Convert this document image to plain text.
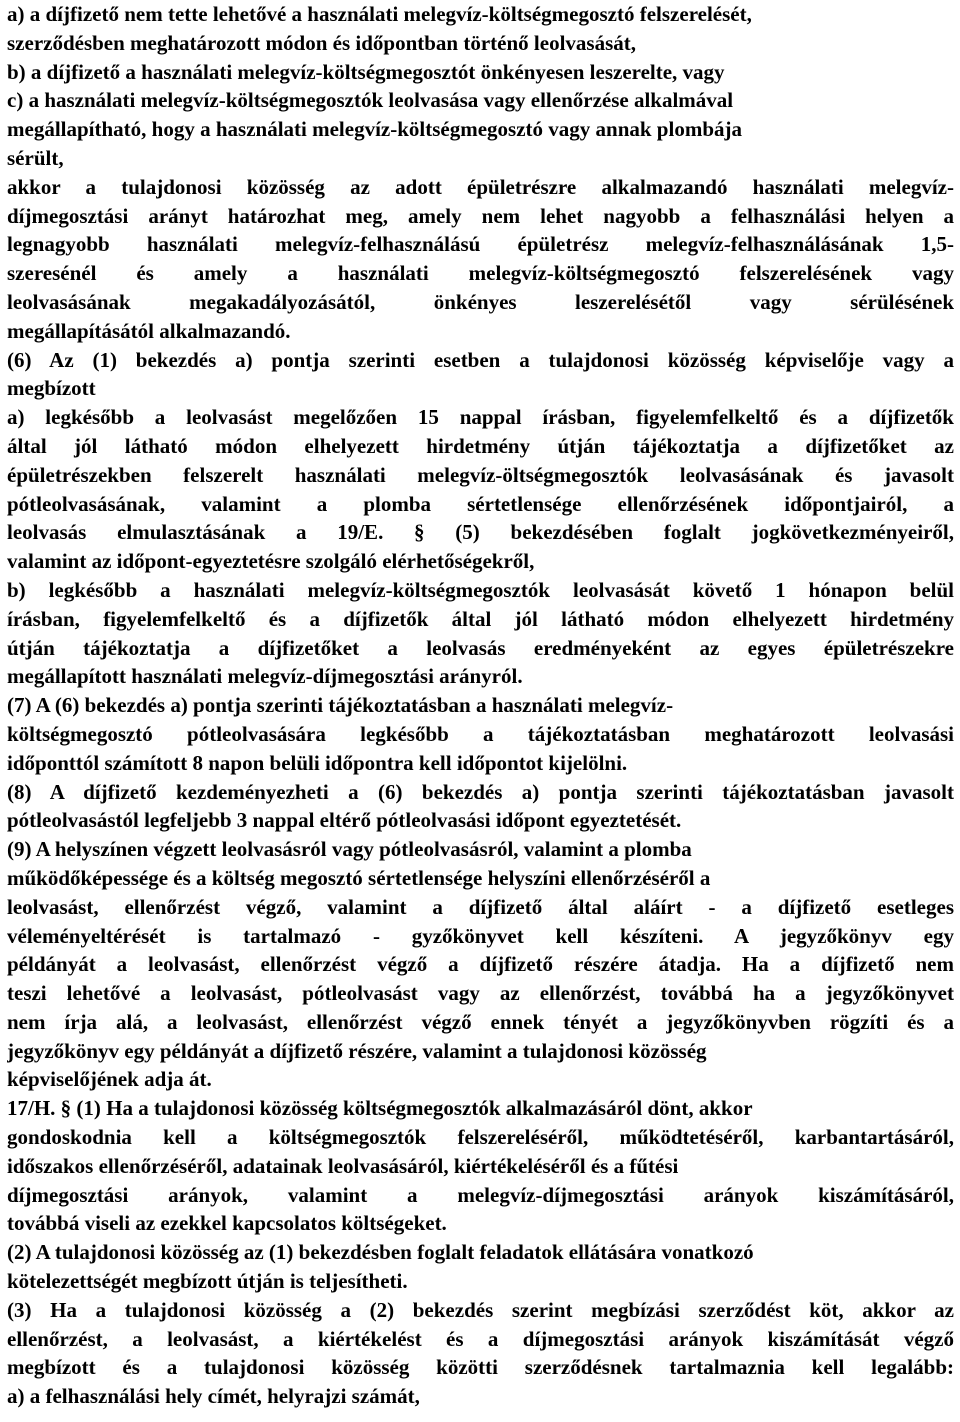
a) a díjfizető nem tette lehetővé a használati melegvíz-költségmegosztó felszerelését,
szerződésben meghatározott módon és időpontban történő leolvasását,
b) a díjfizető a használati melegvíz-költségmegosztót önkényesen leszerelte, vagy
c) a használati melegvíz-költségmegosztók leolvasása vagy ellenőrzése alkalmával
megállapítható, hogy a használati melegvíz-költségmegosztó vagy annak plombája
sérült,
akkor a tulajdonosi közösség az adott épületrészre alkalmazandó használati melegvíz-
díjmegosztási arányt határozhat meg, amely nem lehet nagyobb a felhasználási helyen a
legnagyobb használati melegvíz-felhasználású épületrész melegvíz-felhasználásának 1,5-
szeresénél és amely a használati melegvíz-költségmegosztó felszerelésének vagy
leolvasásának megakadályozásától, önkényes leszerelésétől vagy sérülésének
megállapításától alkalmazandó.
(6) Az (1) bekezdés a) pontja szerinti esetben a tulajdonosi közösség képviselője vagy a
megbízott
a) legkésőbb a leolvasást megelőzően 15 nappal írásban, figyelemfelkeltő és a díjfizetők
által jól látható módon elhelyezett hirdetmény útján tájékoztatja a díjfizetőket az
épületrészekben felszerelt használati melegvíz-öltségmegosztók leolvasásának és javasolt
pótleolvasásának, valamint a plomba sértetlensége ellenőrzésének időpontjairól, a
leolvasás elmulasztásának a 19/E. § (5) bekezdésében foglalt jogkövetkezményeiről,
valamint az időpont-egyeztetésre szolgáló elérhetőségekről,
b) legkésőbb a használati melegvíz-költségmegosztók leolvasását követő 1 hónapon belül
írásban, figyelemfelkeltő és a díjfizetők által jól látható módon elhelyezett hirdetmény
útján tájékoztatja a díjfizetőket a leolvasás eredményeként az egyes épületrészekre
megállapított használati melegvíz-díjmegosztási arányról.
(7) A (6) bekezdés a) pontja szerinti tájékoztatásban a használati melegvíz-
költségmegosztó pótleolvasására legkésőbb a tájékoztatásban meghatározott leolvasási
időponttól számított 8 napon belüli időpontra kell időpontot kijelölni.
(8) A díjfizető kezdeményezheti a (6) bekezdés a) pontja szerinti tájékoztatásban javasolt
pótleolvasástól legfeljebb 3 nappal eltérő pótleolvasási időpont egyeztetését.
(9) A helyszínen végzett leolvasásról vagy pótleolvasásról, valamint a plomba
működőképessége és a költség megosztó sértetlensége helyszíni ellenőrzéséről a
leolvasást, ellenőrzést végző, valamint a díjfizető által aláírt - a díjfizető esetleges
véleményeltérését is tartalmazó - gyzőkönyvet kell készíteni. A jegyzőkönyv egy
példányát a leolvasást, ellenőrzést végző a díjfizető részére átadja. Ha a díjfizető nem
teszi lehetővé a leolvasást, pótleolvasást vagy az ellenőrzést, továbbá ha a jegyzőkönyvet
nem írja alá, a leolvasást, ellenőrzést végző ennek tényét a jegyzőkönyvben rögzíti és a
jegyzőkönyv egy példányát a díjfizető részére, valamint a tulajdonosi közösség
képviselőjének adja át.
17/H. § (1) Ha a tulajdonosi közösség költségmegosztók alkalmazásáról dönt, akkor
gondoskodnia kell a költségmegosztók felszereléséről, működtetéséről, karbantartásáról,
időszakos ellenőrzéséről, adatainak leolvasásáról, kiértékeléséről és a fűtési
díjmegosztási arányok, valamint a melegvíz-díjmegosztási arányok kiszámításáról,
továbbá viseli az ezekkel kapcsolatos költségeket.
(2) A tulajdonosi közösség az (1) bekezdésben foglalt feladatok ellátására vonatkozó
kötelezettségét megbízott útján is teljesítheti.
(3) Ha a tulajdonosi közösség a (2) bekezdés szerint megbízási szerződést köt, akkor az
ellenőrzést, a leolvasást, a kiértékelést és a díjmegosztási arányok kiszámítását végző
megbízott és a tulajdonosi közösség közötti szerződésnek tartalmaznia kell legalább:
a) a felhasználási hely címét, helyrajzi számát,
